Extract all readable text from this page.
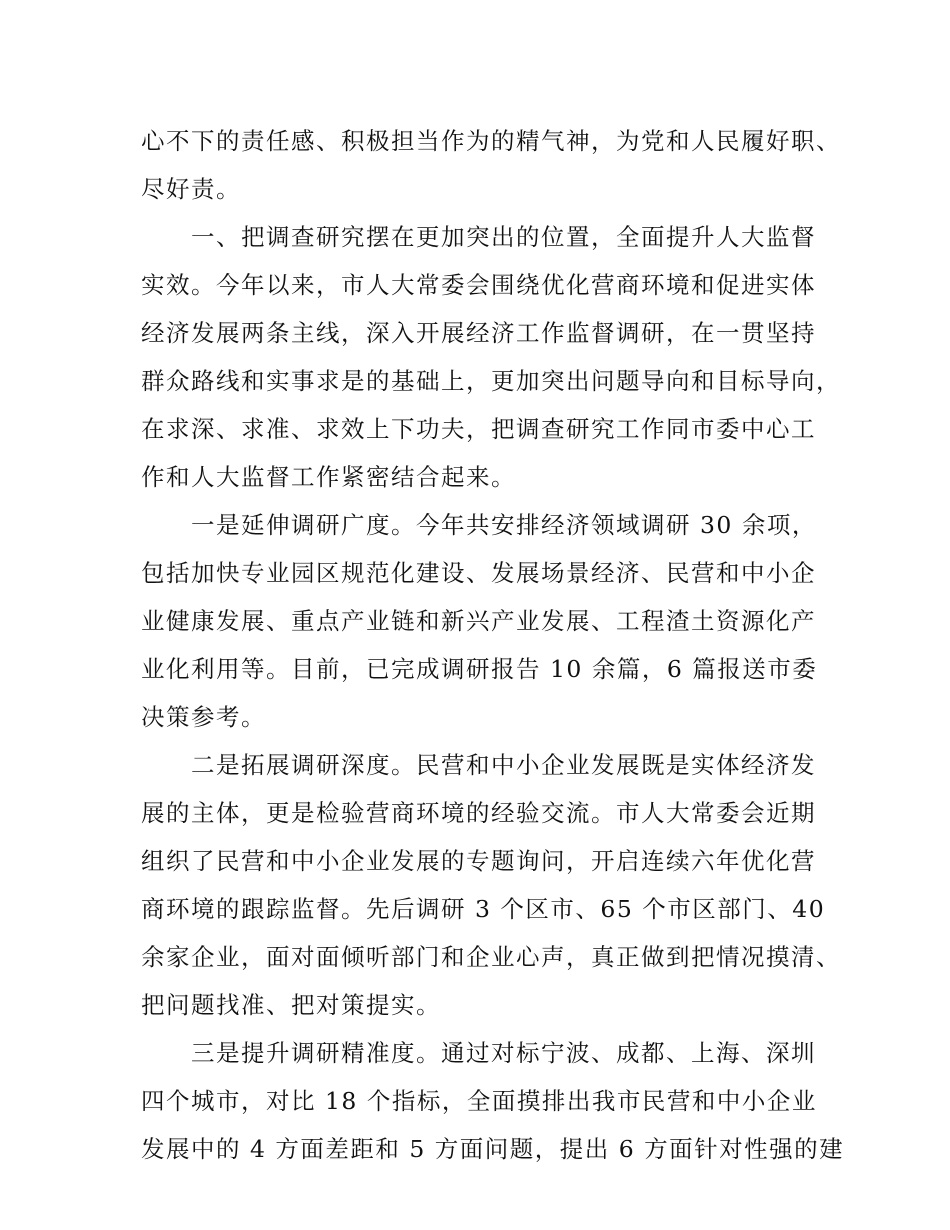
心不下的责任感、积极担当作为的精气神，为党和人民履好职、
尽好责。
一、把调查研究摆在更加突出的位置，全面提升人大监督
实效。今年以来，市人大常委会围绕优化营商环境和促进实体
经济发展两条主线，深入开展经济工作监督调研，在一贯坚持
群众路线和实事求是的基础上，更加突出问题导向和目标导向，
在求深、求准、求效上下功夫，把调查研究工作同市委中心工
作和人大监督工作紧密结合起来。
一是延伸调研广度。今年共安排经济领域调研 30 余项，
包括加快专业园区规范化建设、发展场景经济、民营和中小企
业健康发展、重点产业链和新兴产业发展、工程渣土资源化产
业化利用等。目前，已完成调研报告 10 余篇，6 篇报送市委
决策参考。
二是拓展调研深度。民营和中小企业发展既是实体经济发
展的主体，更是检验营商环境的经验交流。市人大常委会近期
组织了民营和中小企业发展的专题询问，开启连续六年优化营
商环境的跟踪监督。先后调研 3 个区市、65 个市区部门、40
余家企业，面对面倾听部门和企业心声，真正做到把情况摸清、
把问题找准、把对策提实。
三是提升调研精准度。通过对标宁波、成都、上海、深圳
四个城市，对比 18 个指标，全面摸排出我市民营和中小企业
发展中的 4 方面差距和 5 方面问题，提出 6 方面针对性强的建
